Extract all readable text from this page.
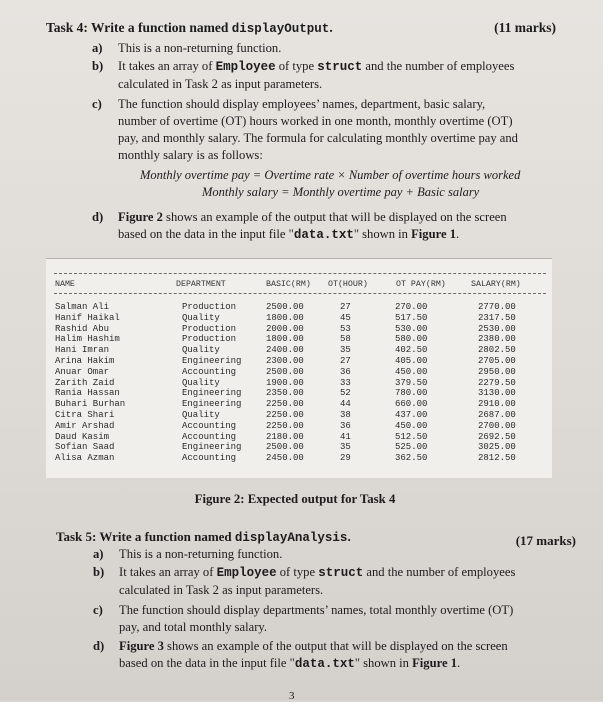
Task 4: Write a function named displayOutput.	(11 marks)
a) This is a non-returning function.
b) It takes an array of Employee of type struct and the number of employees
calculated in Task 2 as input parameters.
c) The function should display employees’ names, department, basic salary,
number of overtime (OT) hours worked in one month, monthly overtime (OT)
pay, and monthly salary. The formula for calculating monthly overtime pay and
monthly salary is as follows:
Monthly overtime pay = Overtime rate × Number of overtime hours worked
Monthly salary = Monthly overtime pay + Basic salary
d) Figure 2 shows an example of the output that will be displayed on the screen
based on the data in the input file "data.txt" shown in Figure 1.
NAME	DEPARTMENT	BASIC(RM) OT(HOUR)	OT PAY(RM)	SALARY(RM)
Salman Ali	Production	2500.00	27	270.00	2770.00
Hanif Haikal	Quality	1800.00	45	517.50	2317.50
Rashid Abu	Production	2000.00	53	530.00	2530.00
Halim Hashim	Production	1800.00	58	580.00	2380.00
Hani Imran	Quality	2400.00	35	402.50	2802.50
Arina Hakim	Engineering	2300.00	27	405.00	2705.00
Anuar Omar	Accounting	2500.00	36	450.00	2950.00
Zarith Zaid	Quality	1900.00	33	379.50	2279.50
Rania Hassan	Engineering	2350.00	52	780.00	3130.00
Buhari Burhan	Engineering	2250.00	44	660.00	2910.00
Citra Shari	Quality	2250.00	38	437.00	2687.00
Amir Arshad	Accounting	2250.00	36	450.00	2700.00
Daud Kasim	Accounting	2180.00	41	512.50	2692.50
Sofian Saad	Engineering	2500.00	35	525.00	3025.00
Alisa Azman	Accounting	2450.00	29	362.50	2812.50
Figure 2: Expected output for Task 4
Task 5: Write a function named displayAnalysis.	(17 marks)
a) This is a non-returning function.
b) It takes an array of Employee of type struct and the number of employees
calculated in Task 2 as input parameters.
c) The function should display departments’ names, total monthly overtime (OT)
pay, and total monthly salary.
d) Figure 3 shows an example of the output that will be displayed on the screen
based on the data in the input file "data.txt" shown in Figure 1.
3
